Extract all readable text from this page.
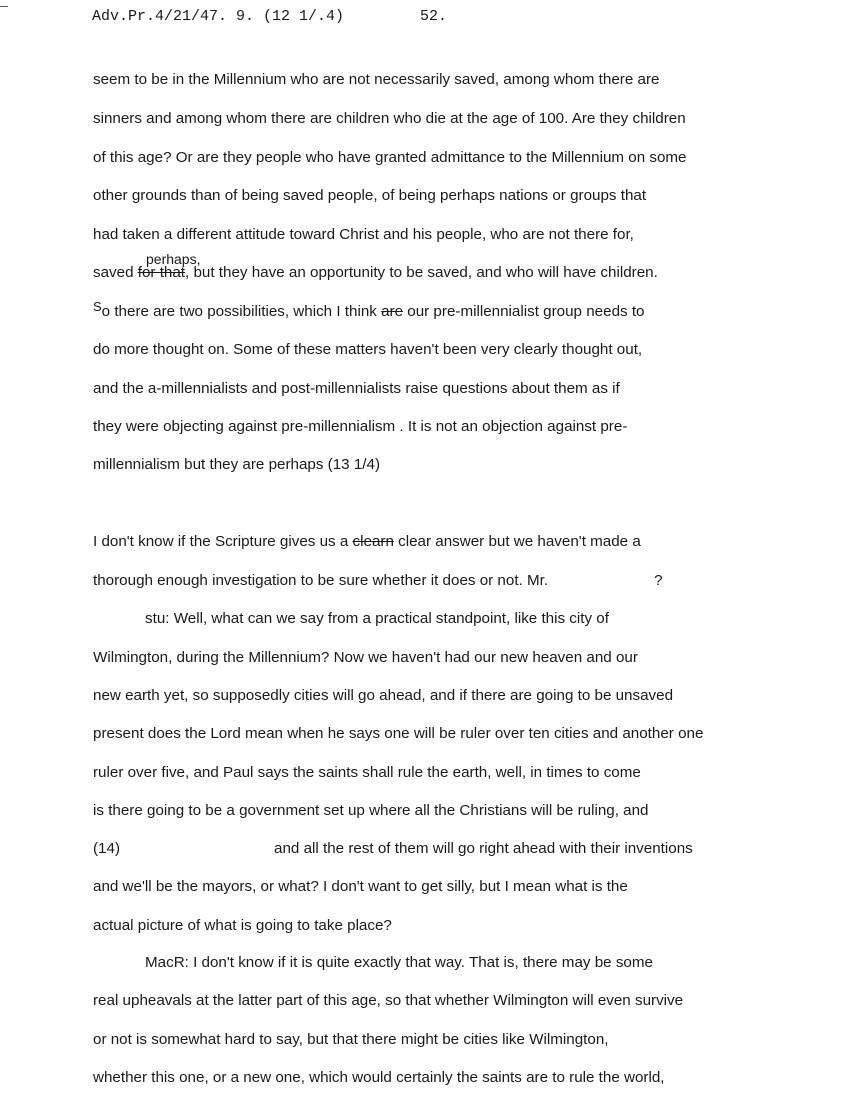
Adv.Pr.4/21/47. 9. (12 1/.4)	52.
seem to be in the Millennium who are not necessarily saved, among whom there are
sinners and among whom there are children who die at the age of 100. Are they children
of this age? Or are they people who have granted admittance to the Millennium on some
other grounds than of being saved people, of being perhaps nations or groups that
had taken a different attitude toward Christ and his people, who are not there for,
perhaps,
saved for that, but they have an opportunity to be saved, and who will have children.
So there are two possibilities, which I think are our pre-millennialist group needs to
do more thought on. Some of these matters haven't been very clearly thought out,
and the a-millennialists and post-millennialists raise questions about them as if
they were objecting against pre-millennialism . It is not an objection against pre-
millennialism but they are perhaps (13 1/4)
I don't know if the Scripture gives us a clearn clear answer but we haven't made a
thorough enough investigation to be sure whether it does or not. Mr.	?
stu: Well, what can we say from a practical standpoint, like this city of
Wilmington, during the Millennium? Now we haven't had our new heaven and our
new earth yet, so supposedly cities will go ahead, and if there are going to be unsaved
present does the Lord mean when he says one will be ruler over ten cities and another one
ruler over five, and Paul says the saints shall rule the earth, well, in times to come
is there going to be a government set up where all the Christians will be ruling, and
(14)	and all the rest of them will go right ahead with their inventions
and we'll be the mayors, or what? I don't want to get silly, but I mean what is the
actual picture of what is going to take place?
MacR: I don't know if it is quite exactly that way. That is, there may be some
real upheavals at the latter part of this age, so that whether Wilmington will even survive
or not is somewhat hard to say, but that there might be cities like Wilmington,
whether this one, or a new one, which would certainly the saints are to rule the world,
